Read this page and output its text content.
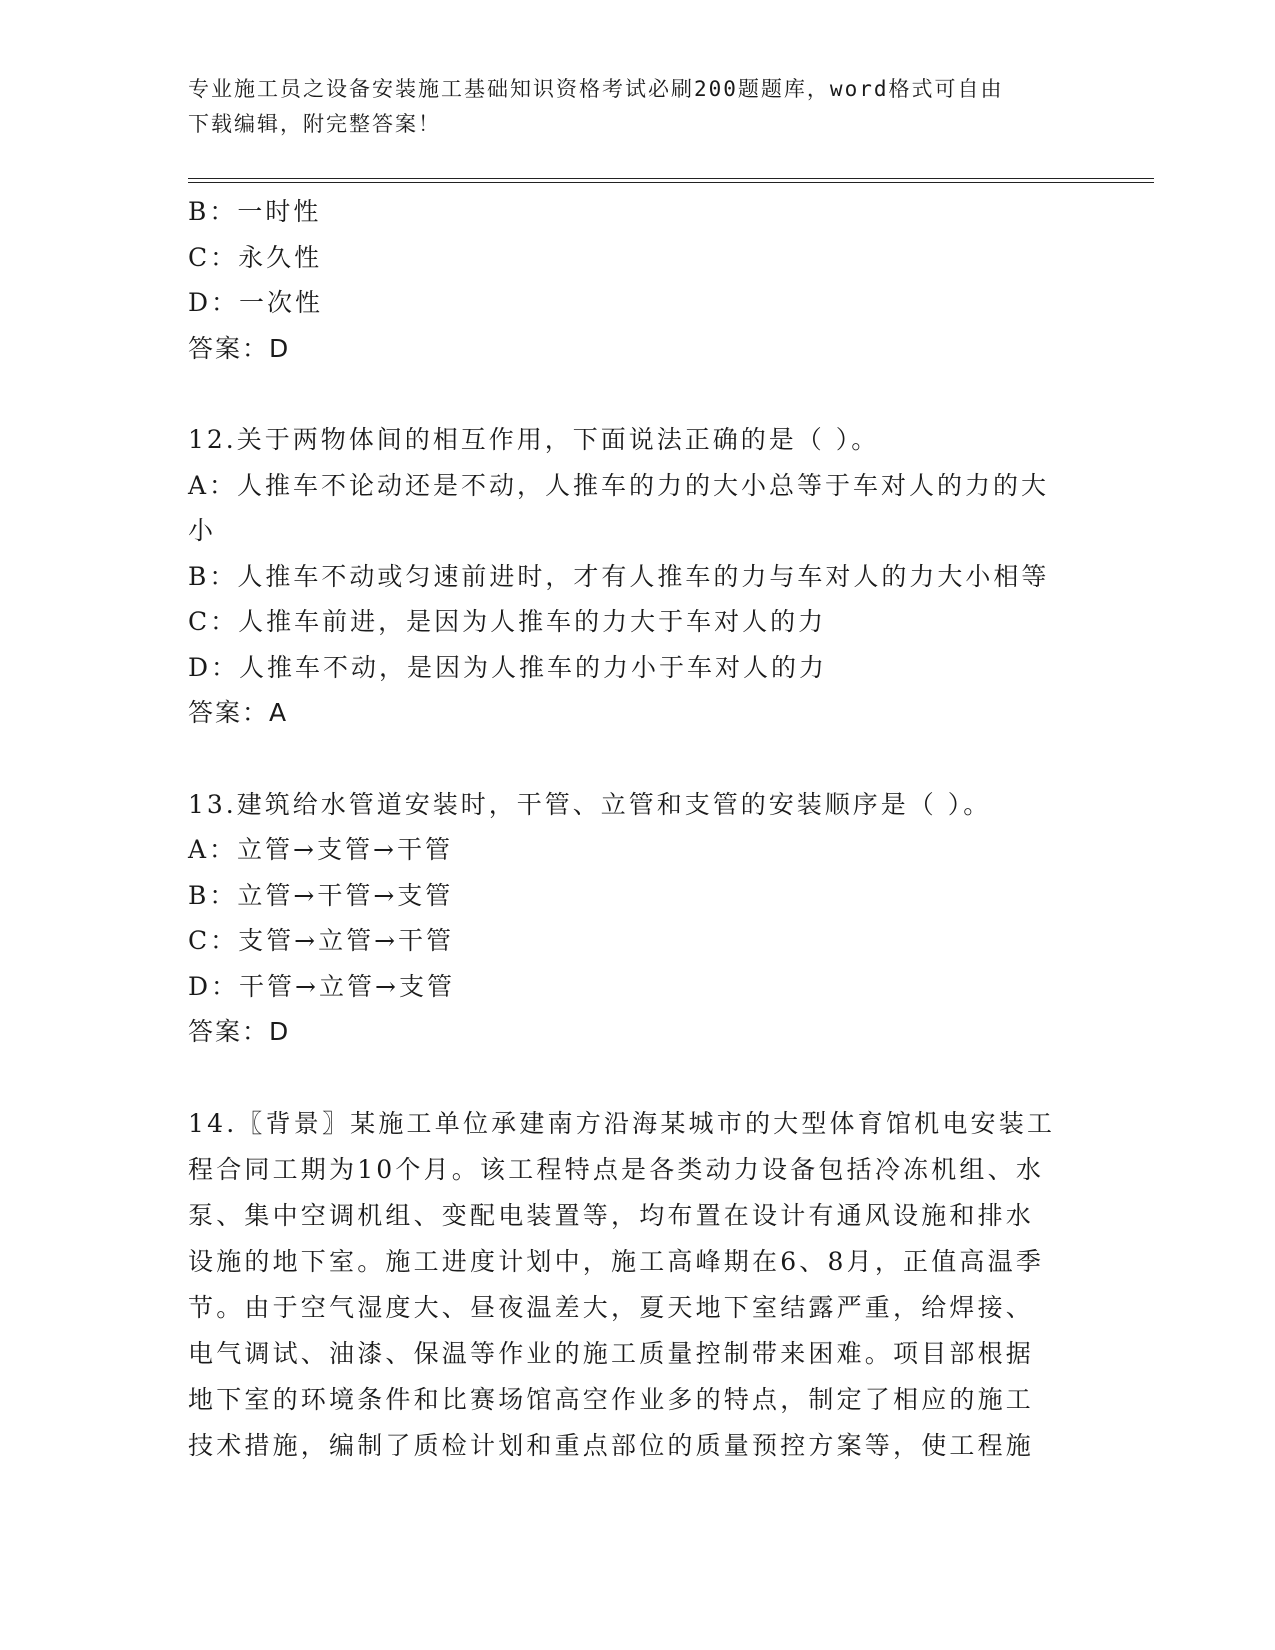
专业施工员之设备安装施工基础知识资格考试必刷200题题库，word格式可自由
下载编辑，附完整答案！
B：一时性
C：永久性
D：一次性
答案：D
12.关于两物体间的相互作用，下面说法正确的是（ ）。
A：人推车不论动还是不动，人推车的力的大小总等于车对人的力的大
小
B：人推车不动或匀速前进时，才有人推车的力与车对人的力大小相等
C：人推车前进，是因为人推车的力大于车对人的力
D：人推车不动，是因为人推车的力小于车对人的力
答案：A
13.建筑给水管道安装时，干管、立管和支管的安装顺序是（ ）。
A：立管→支管→干管
B：立管→干管→支管
C：支管→立管→干管
D：干管→立管→支管
答案：D
14.〖背景〗某施工单位承建南方沿海某城市的大型体育馆机电安装工
程合同工期为10个月。该工程特点是各类动力设备包括冷冻机组、水
泵、集中空调机组、变配电装置等，均布置在设计有通风设施和排水
设施的地下室。施工进度计划中，施工高峰期在6、8月，正值高温季
节。由于空气湿度大、昼夜温差大，夏天地下室结露严重，给焊接、
电气调试、油漆、保温等作业的施工质量控制带来困难。项目部根据
地下室的环境条件和比赛场馆高空作业多的特点，制定了相应的施工
技术措施，编制了质检计划和重点部位的质量预控方案等，使工程施
